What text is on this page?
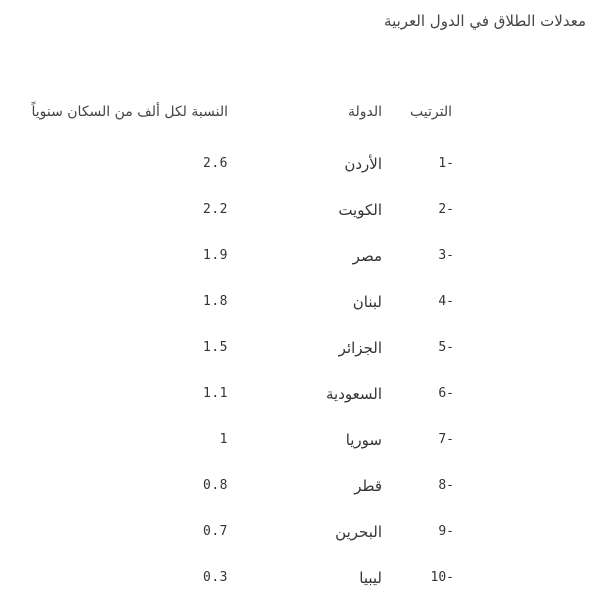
معدلات الطلاق في الدول العربية
الترتيب
الدولة
النسبة لكل ألف من السكان سنوياً
-1
الأردن
2.6
-2
الكويت
2.2
-3
مصر
1.9
-4
لبنان
1.8
-5
الجزائر
1.5
-6
السعودية
1.1
-7
سوريا
1
-8
قطر
0.8
-9
البحرين
0.7
-10
ليبيا
0.3
